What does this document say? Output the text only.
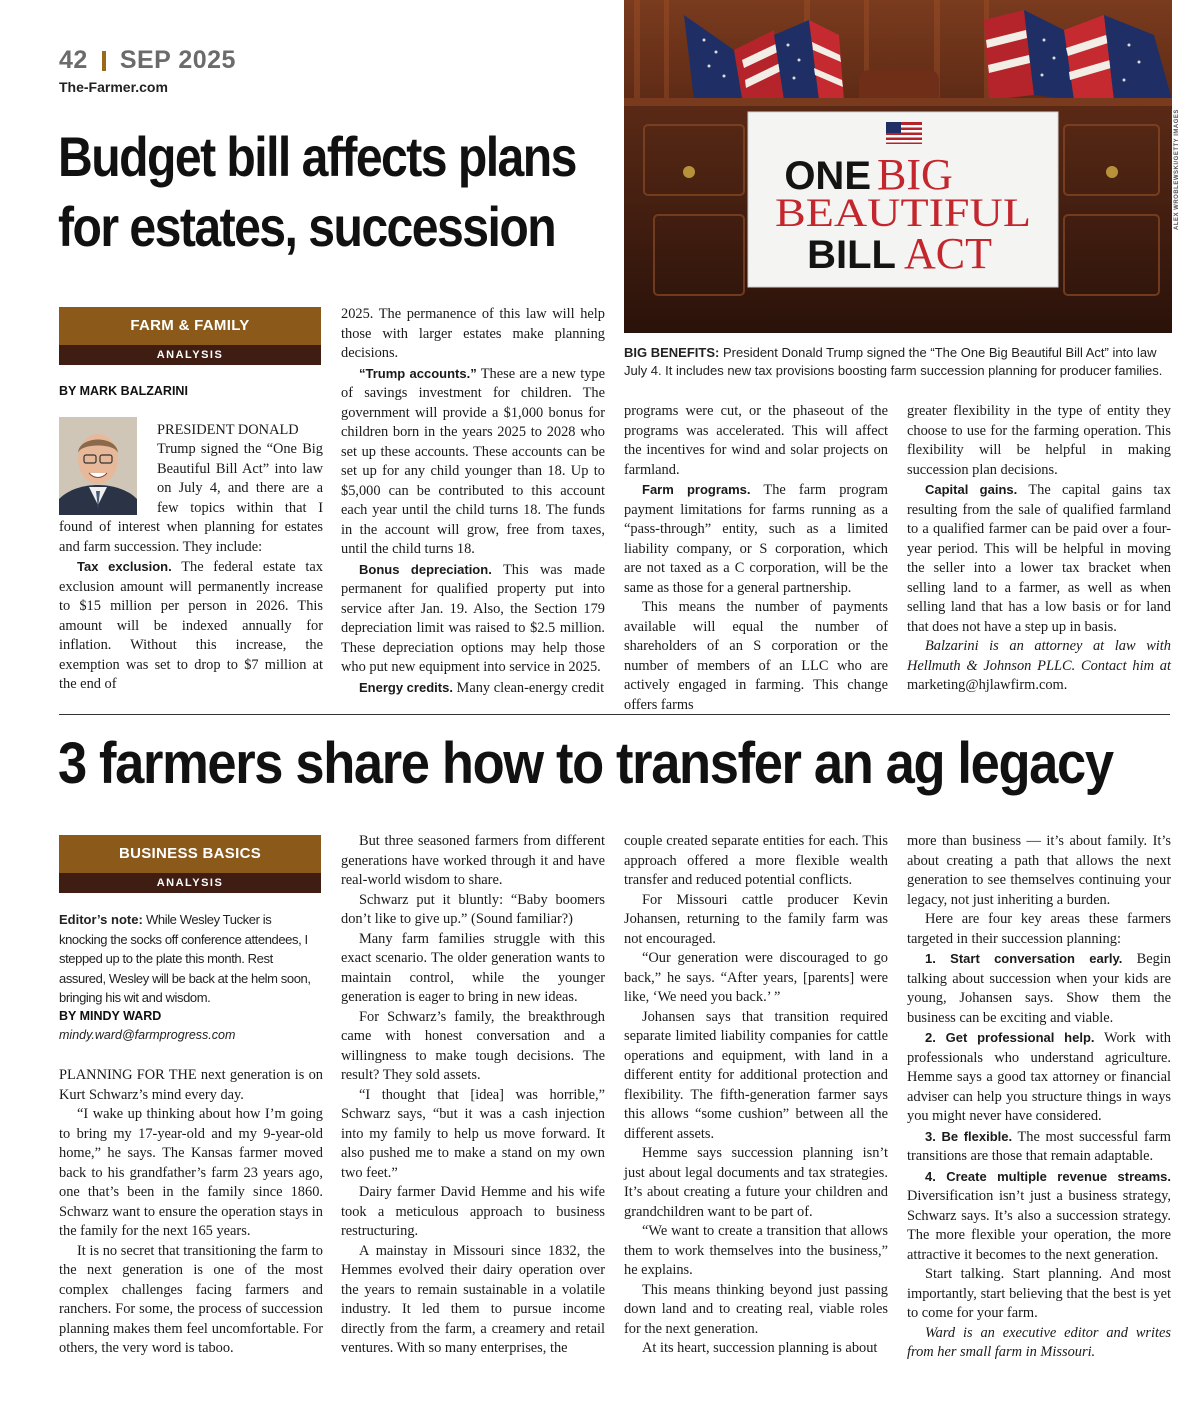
42 SEP 2025
The-Farmer.com
Budget bill affects plans
for estates, succession
ONE BIG
BEAUTIFUL
BILL ACT
ALEX WROBLEWSKI/GETTY IMAGES
BIG BENEFITS: President Donald Trump signed the “The One Big Beautiful Bill Act” into law July 4. It includes new tax provisions boosting farm succession planning for producer families.
FARM & FAMILY
ANALYSIS
BY MARK BALZARINI

PRESIDENT DONALD

Trump signed the “One Big Beautiful Bill Act” into law on July 4, and there are a few topics within that I found of interest when planning for estates and farm succession. They include:

Tax exclusion. The federal estate tax exclusion amount will permanently increase to $15 million per person in 2026. This amount will be indexed annually for inflation. Without this increase, the exemption was set to drop to $7 million at the end of

2025. The permanence of this law will help those with larger estates make planning decisions.

“Trump accounts.” These are a new type of savings investment for children. The government will provide a $1,000 bonus for children born in the years 2025 to 2028 who set up these accounts. These accounts can be set up for any child younger than 18. Up to $5,000 can be contributed to this account each year until the child turns 18. The funds in the account will grow, free from taxes, until the child turns 18.

Bonus depreciation. This was made permanent for qualified property put into service after Jan. 19. Also, the Section 179 depreciation limit was raised to $2.5 million. These depreciation options may help those who put new equipment into service in 2025.

Energy credits. Many clean-energy credit

programs were cut, or the phaseout of the programs was accelerated. This will affect the incentives for wind and solar projects on farmland.

Farm programs. The farm program payment limitations for farms running as a “pass-through” entity, such as a limited liability company, or S corporation, which are not taxed as a C corporation, will be the same as those for a general partnership.

This means the number of payments available will equal the number of shareholders of an S corporation or the number of members of an LLC who are actively engaged in farming. This change offers farms

greater flexibility in the type of entity they choose to use for the farming operation. This flexibility will be helpful in making succession plan decisions.

Capital gains. The capital gains tax resulting from the sale of qualified farmland to a qualified farmer can be paid over a four-year period. This will be helpful in moving the seller into a lower tax bracket when selling land to a farmer, as well as when selling land that has a low basis or for land that does not have a step up in basis.

Balzarini is an attorney at law with Hellmuth & Johnson PLLC. Contact him at marketing@hjlawfirm.com.

3 farmers share how to transfer an ag legacy
BUSINESS BASICS
ANALYSIS
Editor’s note: While Wesley Tucker is knocking the socks off conference attendees, I stepped up to the plate this month. Rest assured, Wesley will be back at the helm soon, bringing his wit and wisdom.
BY MINDY WARD
mindy.ward@farmprogress.com

PLANNING FOR THE next generation is on Kurt Schwarz’s mind every day.

“I wake up thinking about how I’m going to bring my 17-year-old and my 9-year-old home,” he says. The Kansas farmer moved back to his grandfather’s farm 23 years ago, one that’s been in the family since 1860. Schwarz want to ensure the operation stays in the family for the next 165 years.

It is no secret that transitioning the farm to the next generation is one of the most complex challenges facing farmers and ranchers. For some, the process of succession planning makes them feel uncomfortable. For others, the very word is taboo.

But three seasoned farmers from different generations have worked through it and have real-world wisdom to share.

Schwarz put it bluntly: “Baby boomers don’t like to give up.” (Sound familiar?)

Many farm families struggle with this exact scenario. The older generation wants to maintain control, while the younger generation is eager to bring in new ideas.

For Schwarz’s family, the breakthrough came with honest conversation and a willingness to make tough decisions. The result? They sold assets.

“I thought that [idea] was horrible,” Schwarz says, “but it was a cash injection into my family to help us move forward. It also pushed me to make a stand on my own two feet.”

Dairy farmer David Hemme and his wife took a meticulous approach to business restructuring.

A mainstay in Missouri since 1832, the Hemmes evolved their dairy operation over the years to remain sustainable in a volatile industry. It led them to pursue income directly from the farm, a creamery and retail ventures. With so many enterprises, the

couple created separate entities for each. This approach offered a more flexible wealth transfer and reduced potential conflicts.

For Missouri cattle producer Kevin Johansen, returning to the family farm was not encouraged.

“Our generation were discouraged to go back,” he says. “After years, [parents] were like, ‘We need you back.’ ”

Johansen says that transition required separate limited liability companies for cattle operations and equipment, with land in a different entity for additional protection and flexibility. The fifth-generation farmer says this allows “some cushion” between all the different assets.

Hemme says succession planning isn’t just about legal documents and tax strategies. It’s about creating a future your children and grandchildren want to be part of.

“We want to create a transition that allows them to work themselves into the business,” he explains.

This means thinking beyond just passing down land and to creating real, viable roles for the next generation.

At its heart, succession planning is about

more than business — it’s about family. It’s about creating a path that allows the next generation to see themselves continuing your legacy, not just inheriting a burden.

Here are four key areas these farmers targeted in their succession planning:

1. Start conversation early. Begin talking about succession when your kids are young, Johansen says. Show them the business can be exciting and viable.

2. Get professional help. Work with professionals who understand agriculture. Hemme says a good tax attorney or financial adviser can help you structure things in ways you might never have considered.

3. Be flexible. The most successful farm transitions are those that remain adaptable.

4. Create multiple revenue streams. Diversification isn’t just a business strategy, Schwarz says. It’s also a succession strategy. The more flexible your operation, the more attractive it becomes to the next generation.

Start talking. Start planning. And most importantly, start believing that the best is yet to come for your farm.

Ward is an executive editor and writes from her small farm in Missouri.
